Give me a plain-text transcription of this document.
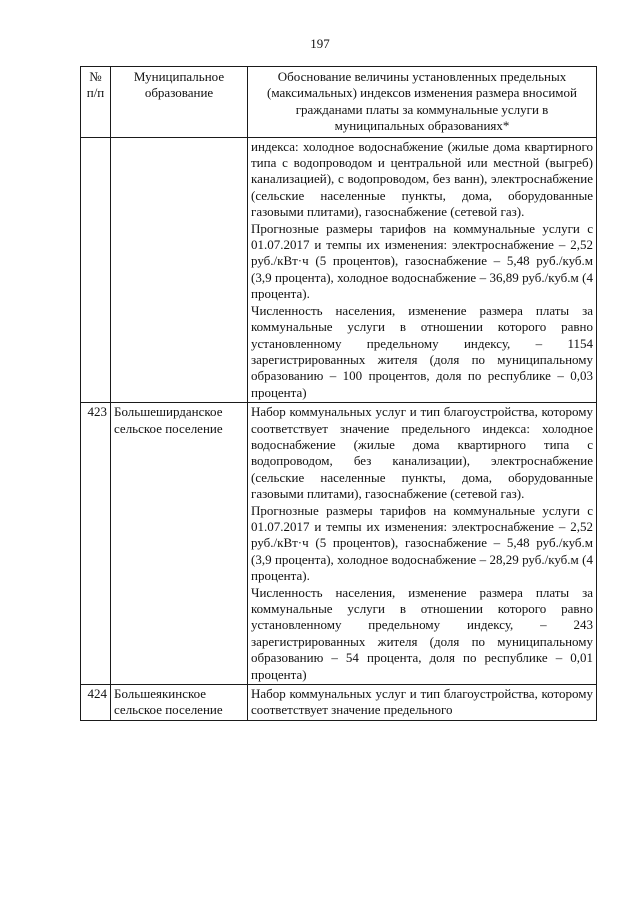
197
№ п/п	Муниципальное образование	Обоснование величины установленных предельных (максимальных) индексов изменения размера вносимой гражданами платы за коммунальные услуги в муниципальных образованиях*

		индекса: холодное водоснабжение (жилые дома квартирного типа с водопроводом и центральной или местной (выгреб) канализацией), с водопроводом, без ванн), электроснабжение (сельские населенные пункты, дома, оборудованные газовыми плитами), газоснабжение (сетевой газ).

Прогнозные размеры тарифов на коммунальные услуги с 01.07.2017 и темпы их изменения: электроснабжение – 2,52 руб./кВт·ч (5 процентов), газоснабжение – 5,48 руб./куб.м (3,9 процента), холодное водоснабжение – 36,89 руб./куб.м (4 процента).

Численность населения, изменение размера платы за коммунальные услуги в отношении которого равно установленному предельному индексу, – 1154 зарегистрированных жителя (доля по муниципальному образованию – 100 процентов, доля по республике – 0,03 процента)

423	Большеширданское сельское поселение	Набор коммунальных услуг и тип благоустройства, которому соответствует значение предельного индекса: холодное водоснабжение (жилые дома квартирного типа с водопроводом, без канализации), электроснабжение (сельские населенные пункты, дома, оборудованные газовыми плитами), газоснабжение (сетевой газ).

Прогнозные размеры тарифов на коммунальные услуги с 01.07.2017 и темпы их изменения: электроснабжение – 2,52 руб./кВт·ч (5 процентов), газоснабжение – 5,48 руб./куб.м (3,9 процента), холодное водоснабжение – 28,29 руб./куб.м (4 процента).

Численность населения, изменение размера платы за коммунальные услуги в отношении которого равно установленному предельному индексу, – 243 зарегистрированных жителя (доля по муниципальному образованию – 54 процента, доля по республике – 0,01 процента)

424	Большеякинское сельское поселение	Набор коммунальных услуг и тип благоустройства, которому соответствует значение предельного
